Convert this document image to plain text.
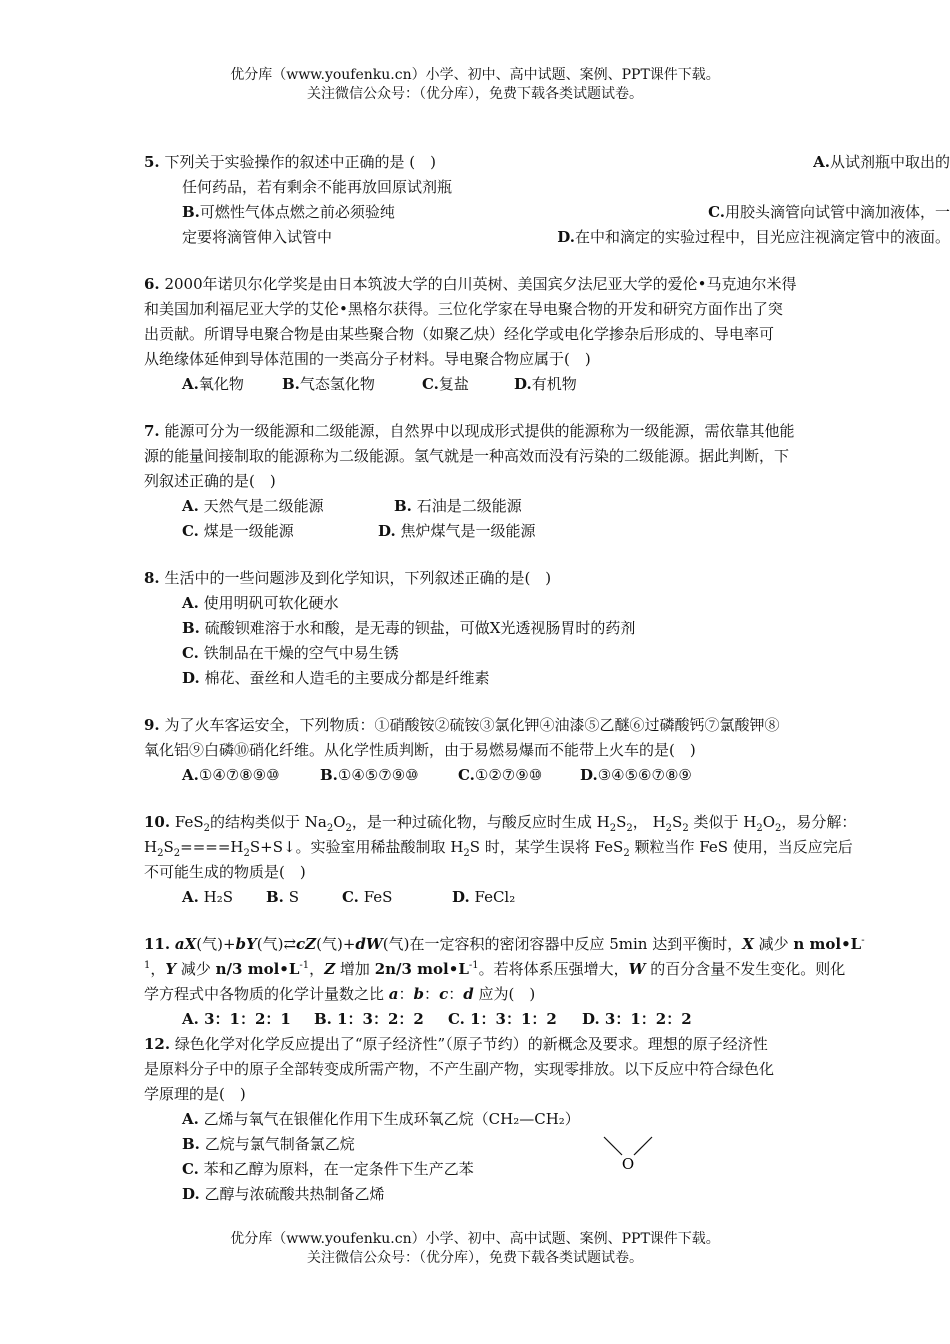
优分库（www.youfenku.cn）小学、初中、高中试题、案例、PPT课件下载。
关注微信公众号：（优分库），免费下载各类试题试卷。

5. 下列关于实验操作的叙述中正确的是 (　)	A.从试剂瓶中取出的

任何药品，若有剩余不能再放回原试剂瓶

B.可燃性气体点燃之前必须验纯	C.用胶头滴管向试管中滴加液体，一

定要将滴管伸入试管中	D.在中和滴定的实验过程中，目光应注视滴定管中的液面。

6. 2000年诺贝尔化学奖是由日本筑波大学的白川英树、美国宾夕法尼亚大学的爱伦•马克迪尔米得

和美国加利福尼亚大学的艾伦•黑格尔获得。三位化学家在导电聚合物的开发和研究方面作出了突

出贡献。所谓导电聚合物是由某些聚合物（如聚乙炔）经化学或电化学掺杂后形成的、导电率可

从绝缘体延伸到导体范围的一类高分子材料。导电聚合物应属于(　)

A.氧化物	B.气态氢化物	C.复盐	D.有机物

7. 能源可分为一级能源和二级能源，自然界中以现成形式提供的能源称为一级能源，需依靠其他能

源的能量间接制取的能源称为二级能源。氢气就是一种高效而没有污染的二级能源。据此判断，下

列叙述正确的是(　)

A. 天然气是二级能源	B. 石油是二级能源

C. 煤是一级能源	D. 焦炉煤气是一级能源

8. 生活中的一些问题涉及到化学知识，下列叙述正确的是(　)

A. 使用明矾可软化硬水

B. 硫酸钡难溶于水和酸，是无毒的钡盐，可做X光透视肠胃时的药剂

C. 铁制品在干燥的空气中易生锈

D. 棉花、蚕丝和人造毛的主要成分都是纤维素

9. 为了火车客运安全，下列物质：①硝酸铵②硫铵③氯化钾④油漆⑤乙醚⑥过磷酸钙⑦氯酸钾⑧

氧化铝⑨白磷⑩硝化纤维。从化学性质判断，由于易燃易爆而不能带上火车的是(　)

A.①④⑦⑧⑨⑩	B.①④⑤⑦⑨⑩	C.①②⑦⑨⑩	D.③④⑤⑥⑦⑧⑨

10. FeS$_2$的结构类似于 $Na_2O_2$，是一种过硫化物，与酸反应时生成 $H_2S_2$， $H_2S_2$ 类似于 $H_2O_2$，易分解：

$H_2S_2====H_2S+S↓$。实验室用稀盐酸制取 $H_2S$ 时，某学生误将 FeS$_2$ 颗粒当作 FeS 使用，当反应完后

不可能生成的物质是(　)

A. H₂S B. S	C. FeS	D. FeCl₂

11. aX(气)+bY(气)⇄cZ(气)+dW(气)在一定容积的密闭容器中反应 5min 达到平衡时，X 减少 n mol•L-

$^1$，Y 减少 n/3 $mol•L^{-1}$，Z 增加 2n/3 $mol•L^{-1}$。若将体系压强增大，W 的百分含量不发生变化。则化

学方程式中各物质的化学计量数之比 a：b：c：d 应为(　)

A. 3：1：2：1 B. 1：3：2：2 C. 1：3：1：2 D. 3：1：2：2

12. 绿色化学对化学反应提出了“原子经济性”（原子节约）的新概念及要求。理想的原子经济性

是原料分子中的原子全部转变成所需产物，不产生副产物，实现零排放。以下反应中符合绿色化

学原理的是(　)

A. 乙烯与氧气在银催化作用下生成环氧乙烷（CH₂—CH₂）

B. 乙烷与氯气制备氯乙烷

C. 苯和乙醇为原料，在一定条件下生产乙苯

D. 乙醇与浓硫酸共热制备乙烯

O
优分库（www.youfenku.cn）小学、初中、高中试题、案例、PPT课件下载。
关注微信公众号：（优分库），免费下载各类试题试卷。
